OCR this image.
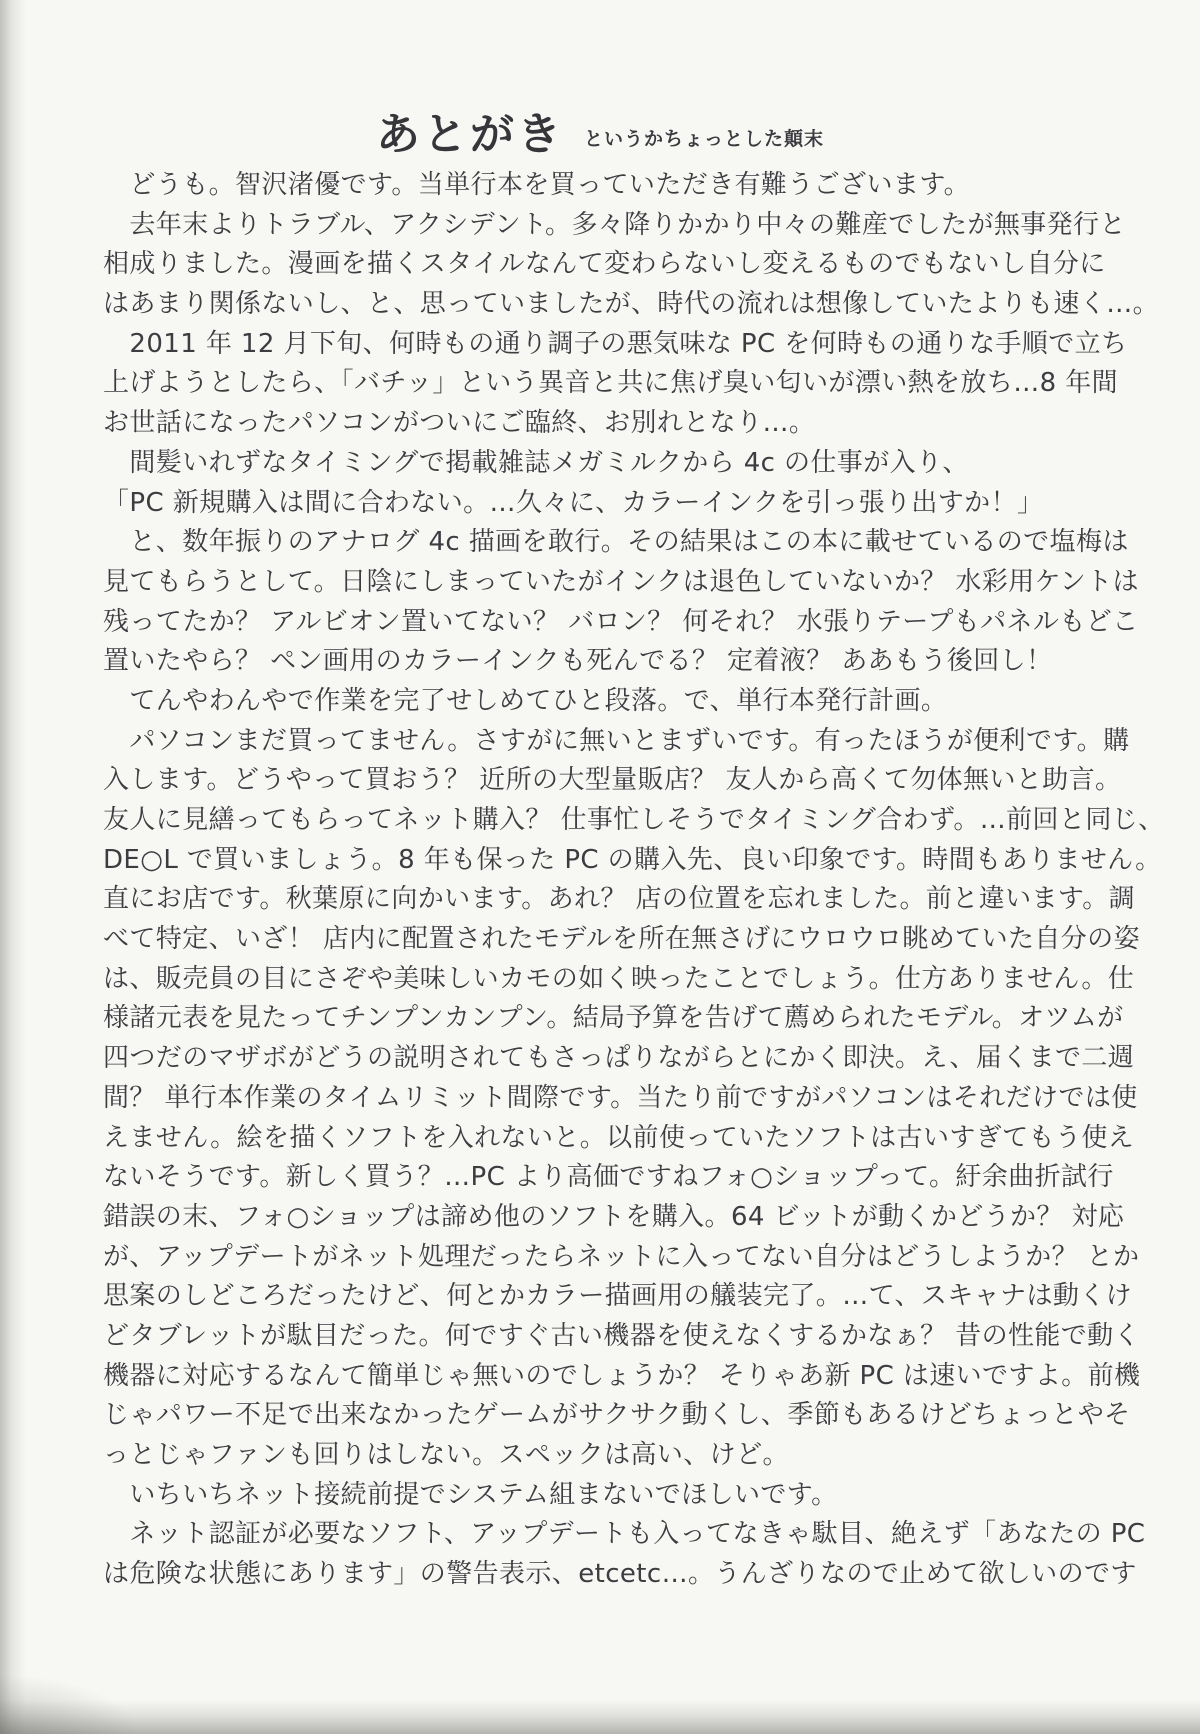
あとがき というかちょっとした顛末
　どうも。智沢渚優です。当単行本を買っていただき有難うございます。
　去年末よりトラブル、アクシデント。多々降りかかり中々の難産でしたが無事発行と
相成りました。漫画を描くスタイルなんて変わらないし変えるものでもないし自分に
はあまり関係ないし、と、思っていましたが、時代の流れは想像していたよりも速く…。
　2011 年 12 月下旬、何時もの通り調子の悪気味な PC を何時もの通りな手順で立ち
上げようとしたら、「バチッ」という異音と共に焦げ臭い匂いが漂い熱を放ち…8 年間
お世話になったパソコンがついにご臨終、お別れとなり…。
　間髪いれずなタイミングで掲載雑誌メガミルクから 4c の仕事が入り、
「PC 新規購入は間に合わない。…久々に、カラーインクを引っ張り出すか！」
　と、数年振りのアナログ 4c 描画を敢行。その結果はこの本に載せているので塩梅は
見てもらうとして。日陰にしまっていたがインクは退色していないか？ 水彩用ケントは
残ってたか？ アルビオン置いてない？ バロン？ 何それ？ 水張りテープもパネルもどこ
置いたやら？ ペン画用のカラーインクも死んでる？ 定着液？ ああもう後回し！
　てんやわんやで作業を完了せしめてひと段落。で、単行本発行計画。
　パソコンまだ買ってません。さすがに無いとまずいです。有ったほうが便利です。購
入します。どうやって買おう？ 近所の大型量販店？ 友人から高くて勿体無いと助言。
友人に見繕ってもらってネット購入？ 仕事忙しそうでタイミング合わず。…前回と同じ、
DE○L で買いましょう。8 年も保った PC の購入先、良い印象です。時間もありません。
直にお店です。秋葉原に向かいます。あれ？ 店の位置を忘れました。前と違います。調
べて特定、いざ！ 店内に配置されたモデルを所在無さげにウロウロ眺めていた自分の姿
は、販売員の目にさぞや美味しいカモの如く映ったことでしょう。仕方ありません。仕
様諸元表を見たってチンプンカンプン。結局予算を告げて薦められたモデル。オツムが
四つだのマザボがどうの説明されてもさっぱりながらとにかく即決。え、届くまで二週
間？ 単行本作業のタイムリミット間際です。当たり前ですがパソコンはそれだけでは使
えません。絵を描くソフトを入れないと。以前使っていたソフトは古いすぎてもう使え
ないそうです。新しく買う？…PC より高価ですねフォ○ショップって。紆余曲折試行
錯誤の末、フォ○ショップは諦め他のソフトを購入。64 ビットが動くかどうか？ 対応
が、アップデートがネット処理だったらネットに入ってない自分はどうしようか？ とか
思案のしどころだったけど、何とかカラー描画用の艤装完了。…て、スキャナは動くけ
どタブレットが駄目だった。何ですぐ古い機器を使えなくするかなぁ？ 昔の性能で動く
機器に対応するなんて簡単じゃ無いのでしょうか？ そりゃあ新 PC は速いですよ。前機
じゃパワー不足で出来なかったゲームがサクサク動くし、季節もあるけどちょっとやそ
っとじゃファンも回りはしない。スペックは高い、けど。
　いちいちネット接続前提でシステム組まないでほしいです。
　ネット認証が必要なソフト、アップデートも入ってなきゃ駄目、絶えず「あなたの PC
は危険な状態にあります」の警告表示、etcetc…。うんざりなので止めて欲しいのです
